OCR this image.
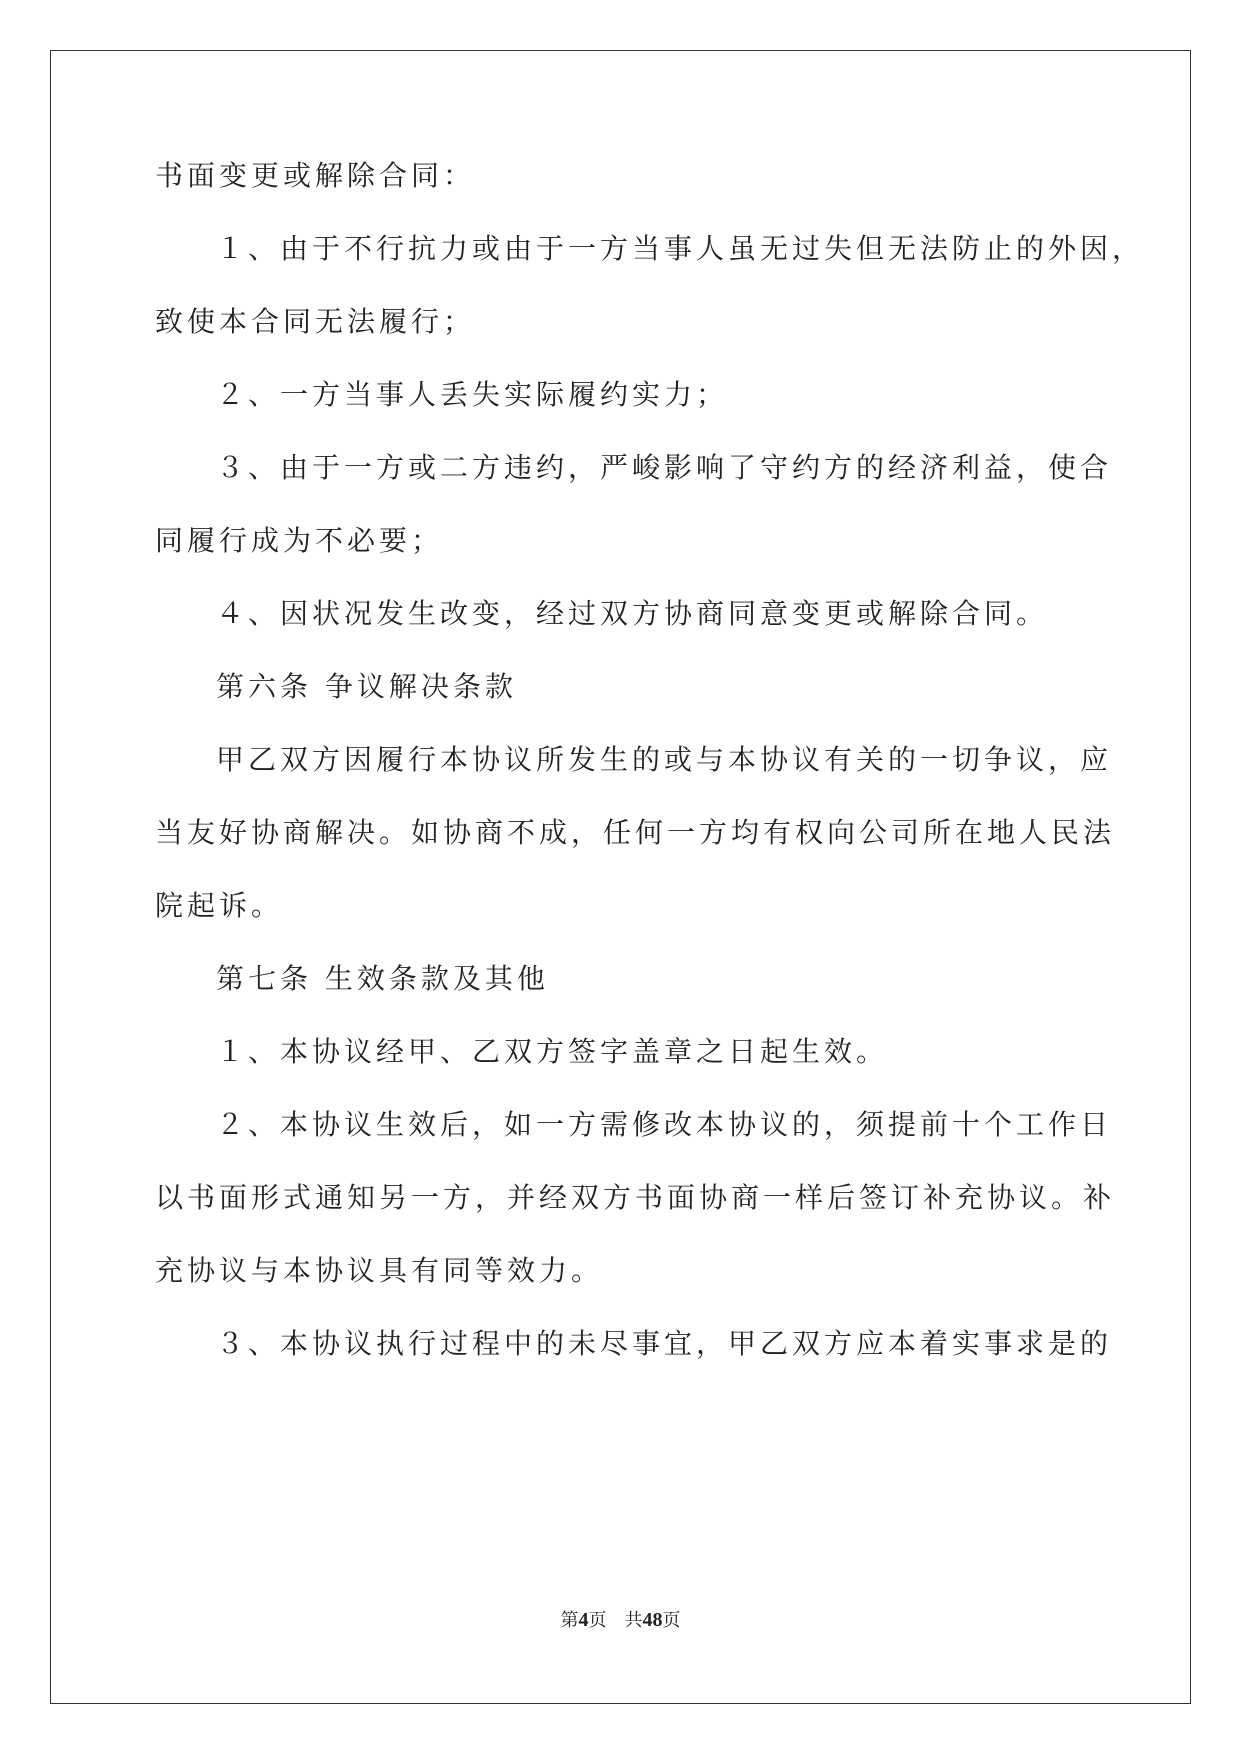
书面变更或解除合同：
１、由于不行抗力或由于一方当事人虽无过失但无法防止的外因，
致使本合同无法履行；
２、一方当事人丢失实际履约实力；
３、由于一方或二方违约，严峻影响了守约方的经济利益，使合
同履行成为不必要；
４、因状况发生改变，经过双方协商同意变更或解除合同。
第六条 争议解决条款
甲乙双方因履行本协议所发生的或与本协议有关的一切争议，应
当友好协商解决。如协商不成，任何一方均有权向公司所在地人民法
院起诉。
第七条 生效条款及其他
１、本协议经甲、乙双方签字盖章之日起生效。
２、本协议生效后，如一方需修改本协议的，须提前十个工作日
以书面形式通知另一方，并经双方书面协商一样后签订补充协议。补
充协议与本协议具有同等效力。
３、本协议执行过程中的未尽事宜，甲乙双方应本着实事求是的
第4页 共48页
